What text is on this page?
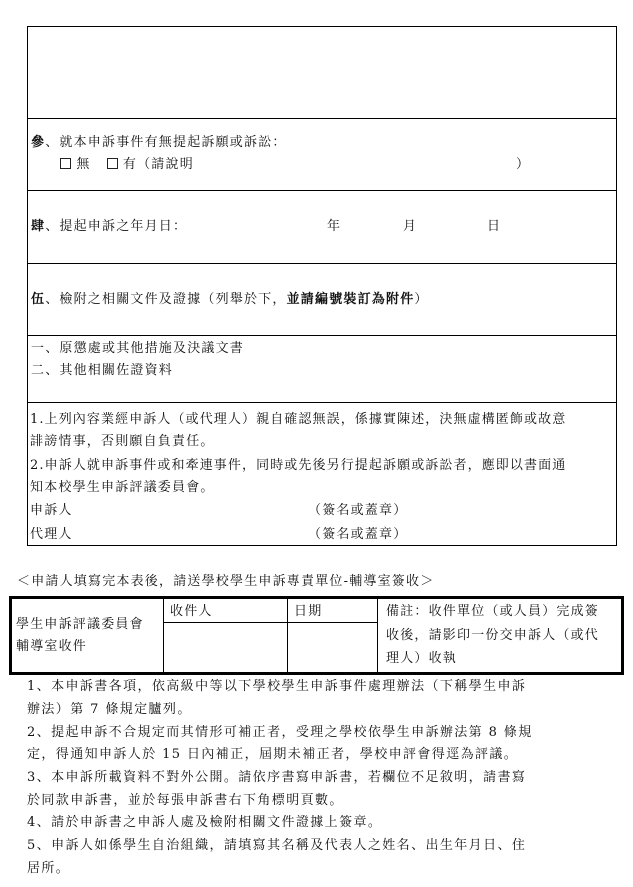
參、就本申訴事件有無提起訴願或訴訟：
無 有（請說明	）
肆、提起申訴之年月日：	年	月	日
伍、檢附之相關文件及證據（列舉於下，並請編號裝訂為附件）
一、原懲處或其他措施及決議文書
二、其他相關佐證資料
1.上列內容業經申訴人（或代理人）親自確認無誤，係據實陳述，決無虛構匿飾或故意
誹謗情事，否則願自負責任。
2.申訴人就申訴事件或和牽連事件，同時或先後另行提起訴願或訴訟者，應即以書面通
知本校學生申訴評議委員會。
申訴人	（簽名或蓋章）
代理人	（簽名或蓋章）
＜申請人填寫完本表後，請送學校學生申訴專責單位-輔導室簽收＞
學生申訴評議委員會
輔導室收件
收件人	日期	備註：收件單位（或人員）完成簽
收後，請影印一份交申訴人（或代
理人）收執
1、本申訴書各項，依高級中等以下學校學生申訴事件處理辦法（下稱學生申訴
辦法）第 7 條規定臚列。
2、提起申訴不合規定而其情形可補正者，受理之學校依學生申訴辦法第 8 條規
定，得通知申訴人於 15 日內補正，屆期未補正者，學校申評會得逕為評議。
3、本申訴所載資料不對外公開。請依序書寫申訴書，若欄位不足敘明，請書寫
於同款申訴書，並於每張申訴書右下角標明頁數。
4、請於申訴書之申訴人處及檢附相關文件證據上簽章。
5、申訴人如係學生自治組織，請填寫其名稱及代表人之姓名、出生年月日、住
居所。
